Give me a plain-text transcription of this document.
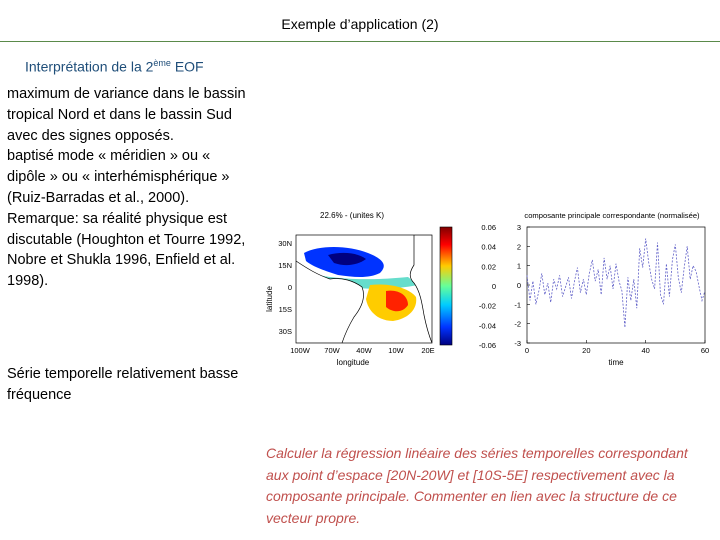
Exemple d’application (2)
Interprétation de la 2ème EOF

maximum de variance dans le bassin tropical Nord et dans le bassin Sud avec des signes opposés.

baptisé mode « méridien » ou « dipôle » ou « interhémisphérique » (Ruiz-Barradas et al., 2000).

Remarque: sa réalité physique est discutable (Houghton et Tourre 1992, Nobre et Shukla 1996, Enfield et al. 1998).

Série temporelle relativement basse fréquence
22.6% - (unites K)
latitude
30N
15N
0
15S
30S
100W 70W 40W 10W 20E
longitude
0.06
0.04
0.02
0
-0.02
-0.04
-0.06
composante principale correspondante (normalisée)
3
2
1
0
-1
-2
-3
0	20	40	60
time
Calculer la régression linéaire des séries temporelles correspondant aux point d’espace [20N-20W] et [10S-5E] respectivement avec la composante principale. Commenter en lien avec la structure de ce vecteur propre.
